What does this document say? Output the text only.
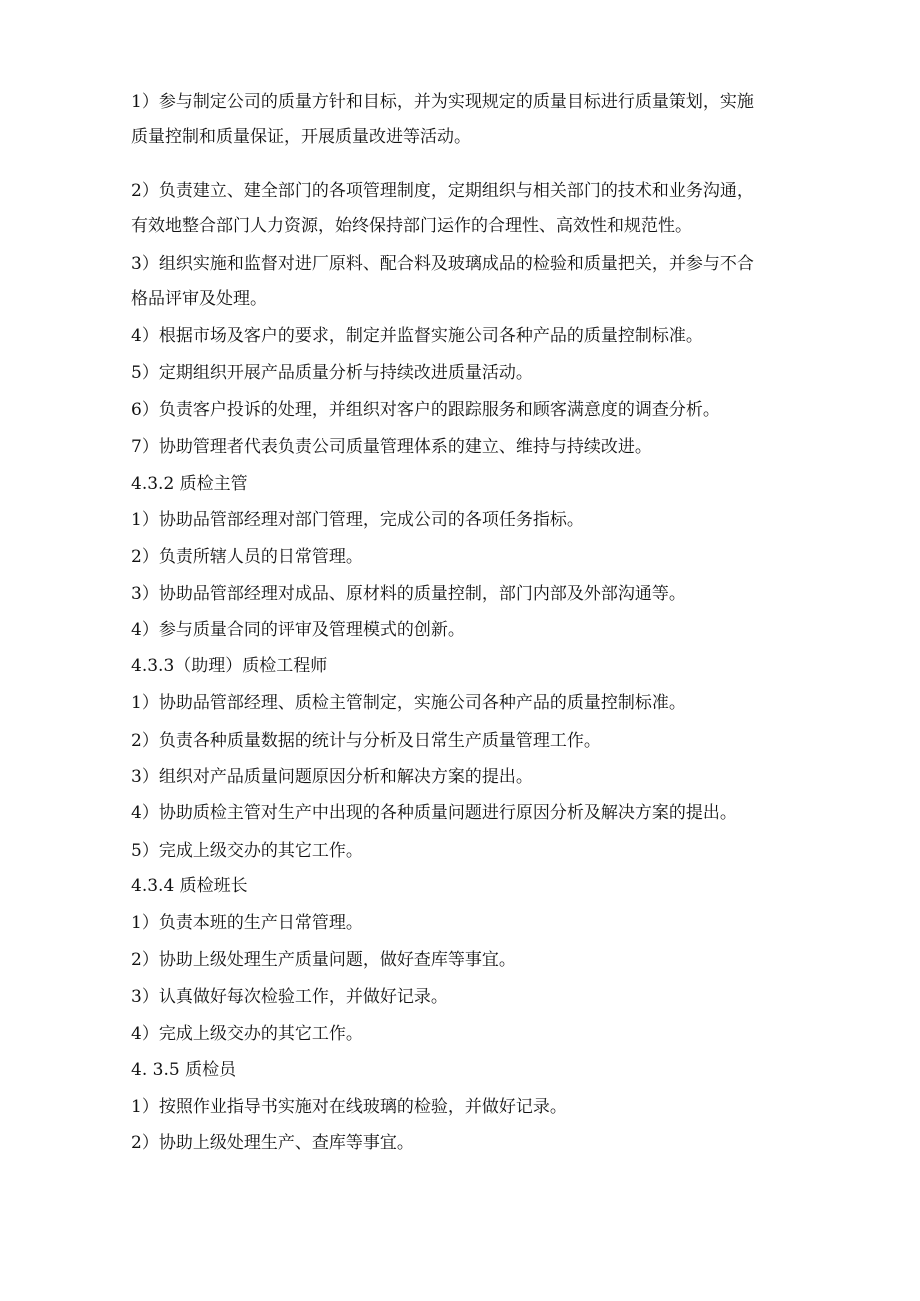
1）参与制定公司的质量方针和目标，并为实现规定的质量目标进行质量策划，实施
质量控制和质量保证，开展质量改进等活动。
2）负责建立、建全部门的各项管理制度，定期组织与相关部门的技术和业务沟通，
有效地整合部门人力资源，始终保持部门运作的合理性、高效性和规范性。
3）组织实施和监督对进厂原料、配合料及玻璃成品的检验和质量把关，并参与不合
格品评审及处理。
4）根据市场及客户的要求，制定并监督实施公司各种产品的质量控制标准。
5）定期组织开展产品质量分析与持续改进质量活动。
6）负责客户投诉的处理，并组织对客户的跟踪服务和顾客满意度的调查分析。
7）协助管理者代表负责公司质量管理体系的建立、维持与持续改进。
4.3.2 质检主管
1）协助品管部经理对部门管理，完成公司的各项任务指标。
2）负责所辖人员的日常管理。
3）协助品管部经理对成品、原材料的质量控制，部门内部及外部沟通等。
4）参与质量合同的评审及管理模式的创新。
4.3.3（助理）质检工程师
1）协助品管部经理、质检主管制定，实施公司各种产品的质量控制标准。
2）负责各种质量数据的统计与分析及日常生产质量管理工作。
3）组织对产品质量问题原因分析和解决方案的提出。
4）协助质检主管对生产中出现的各种质量问题进行原因分析及解决方案的提出。
5）完成上级交办的其它工作。
4.3.4 质检班长
1）负责本班的生产日常管理。
2）协助上级处理生产质量问题，做好查库等事宜。
3）认真做好每次检验工作，并做好记录。
4）完成上级交办的其它工作。
4. 3.5 质检员
1）按照作业指导书实施对在线玻璃的检验，并做好记录。
2）协助上级处理生产、查库等事宜。
